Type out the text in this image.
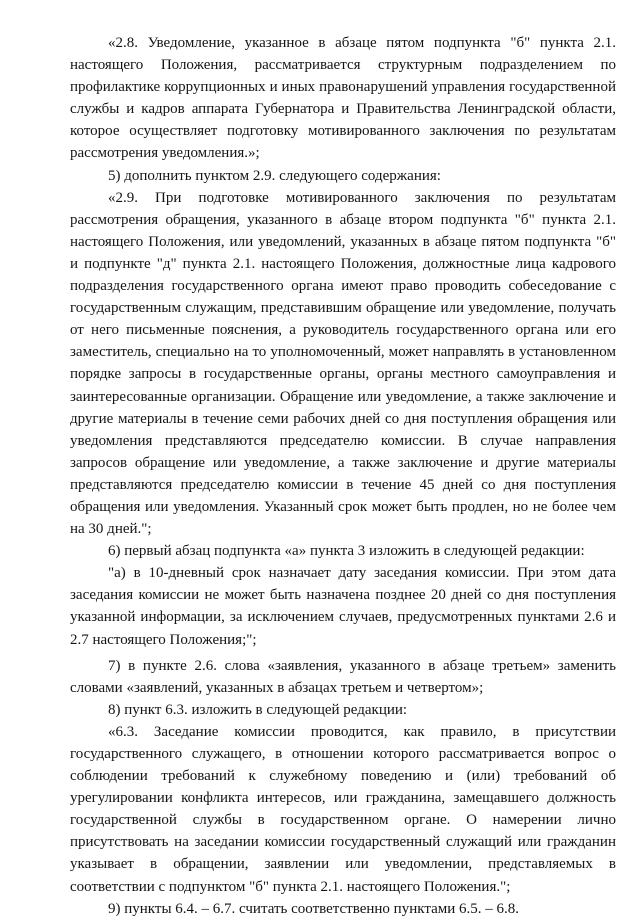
«2.8. Уведомление, указанное в абзаце пятом подпункта "б" пункта 2.1. настоящего Положения, рассматривается структурным подразделением по профилактике коррупционных и иных правонарушений управления государственной службы и кадров аппарата Губернатора и Правительства Ленинградской области, которое осуществляет подготовку мотивированного заключения по результатам рассмотрения уведомления.»;

5) дополнить пунктом 2.9. следующего содержания:

«2.9. При подготовке мотивированного заключения по результатам рассмотрения обращения, указанного в абзаце втором подпункта "б" пункта 2.1. настоящего Положения, или уведомлений, указанных в абзаце пятом подпункта "б" и подпункте "д" пункта 2.1. настоящего Положения, должностные лица кадрового подразделения государственного органа имеют право проводить собеседование с государственным служащим, представившим обращение или уведомление, получать от него письменные пояснения, а руководитель государственного органа или его заместитель, специально на то уполномоченный, может направлять в установленном порядке запросы в государственные органы, органы местного самоуправления и заинтересованные организации. Обращение или уведомление, а также заключение и другие материалы в течение семи рабочих дней со дня поступления обращения или уведомления представляются председателю комиссии. В случае направления запросов обращение или уведомление, а также заключение и другие материалы представляются председателю комиссии в течение 45 дней со дня поступления обращения или уведомления. Указанный срок может быть продлен, но не более чем на 30 дней.";

6) первый абзац подпункта «а» пункта 3 изложить в следующей редакции:

"а) в 10-дневный срок назначает дату заседания комиссии. При этом дата заседания комиссии не может быть назначена позднее 20 дней со дня поступления указанной информации, за исключением случаев, предусмотренных пунктами 2.6 и 2.7 настоящего Положения;";

7) в пункте 2.6. слова «заявления, указанного в абзаце третьем» заменить словами «заявлений, указанных в абзацах третьем и четвертом»;

8) пункт 6.3. изложить в следующей редакции:

«6.3. Заседание комиссии проводится, как правило, в присутствии государственного служащего, в отношении которого рассматривается вопрос о соблюдении требований к служебному поведению и (или) требований об урегулировании конфликта интересов, или гражданина, замещавшего должность государственной службы в государственном органе. О намерении лично присутствовать на заседании комиссии государственный служащий или гражданин указывает в обращении, заявлении или уведомлении, представляемых в соответствии с подпунктом "б" пункта 2.1. настоящего Положения.";

9) пункты 6.4. – 6.7. считать соответственно пунктами 6.5. – 6.8.
